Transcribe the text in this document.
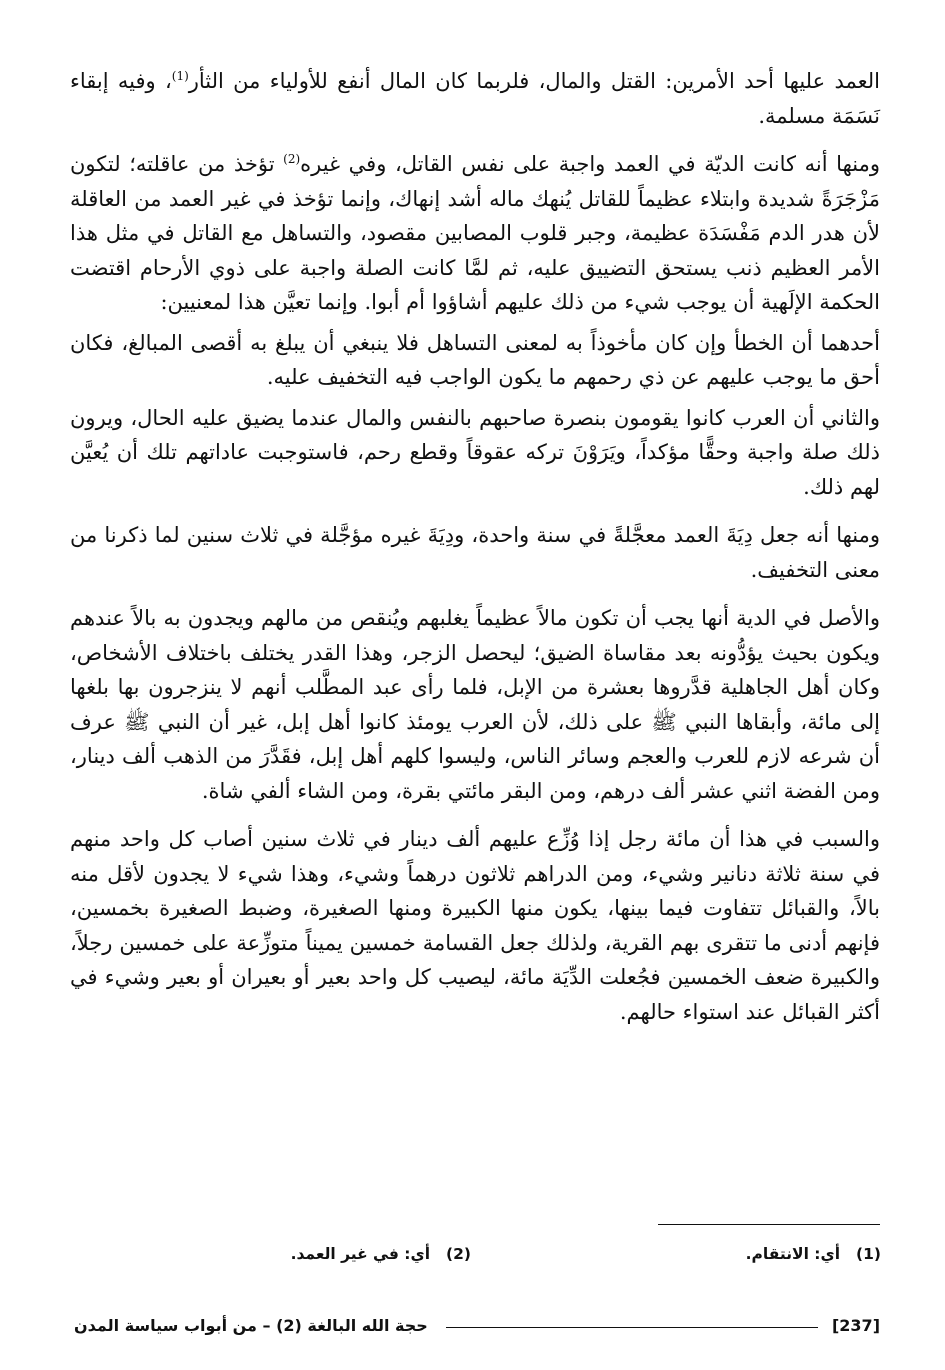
العمد عليها أحد الأمرين: القتل والمال، فلربما كان المال أنفع للأولياء من الثأر$^{(1)}$، وفيه إبقاء نَسَمَة مسلمة.

ومنها أنه كانت الديّة في العمد واجبة على نفس القاتل، وفي غيره$^{(2)}$ تؤخذ من عاقلته؛ لتكون مَزْجَرَةً شديدة وابتلاء عظيماً للقاتل يُنهك ماله أشد إنهاك، وإنما تؤخذ في غير العمد من العاقلة لأن هدر الدم مَفْسَدَة عظيمة، وجبر قلوب المصابين مقصود، والتساهل مع القاتل في مثل هذا الأمر العظيم ذنب يستحق التضييق عليه، ثم لمَّا كانت الصلة واجبة على ذوي الأرحام اقتضت الحكمة الإلَهية أن يوجب شيء من ذلك عليهم أشاؤوا أم أبوا. وإنما تعيَّن هذا لمعنيين:

أحدهما أن الخطأ وإن كان مأخوذاً به لمعنى التساهل فلا ينبغي أن يبلغ به أقصى المبالغ، فكان أحق ما يوجب عليهم عن ذي رحمهم ما يكون الواجب فيه التخفيف عليه.

والثاني أن العرب كانوا يقومون بنصرة صاحبهم بالنفس والمال عندما يضيق عليه الحال، ويرون ذلك صلة واجبة وحقًّا مؤكداً، ويَرَوْنَ تركه عقوقاً وقطع رحم، فاستوجبت عاداتهم تلك أن يُعيَّن لهم ذلك.

ومنها أنه جعل دِيَةَ العمد معجَّلةً في سنة واحدة، ودِيَةَ غيره مؤجَّلة في ثلاث سنين لما ذكرنا من معنى التخفيف.

والأصل في الدية أنها يجب أن تكون مالاً عظيماً يغلبهم ويُنقص من مالهم ويجدون به بالاً عندهم ويكون بحيث يؤدُّونه بعد مقاساة الضيق؛ ليحصل الزجر، وهذا القدر يختلف باختلاف الأشخاص، وكان أهل الجاهلية قدَّروها بعشرة من الإبل، فلما رأى عبد المطَّلب أنهم لا ينزجرون بها بلغها إلى مائة، وأبقاها النبي ﷺ على ذلك، لأن العرب يومئذ كانوا أهل إبل، غير أن النبي ﷺ عرف أن شرعه لازم للعرب والعجم وسائر الناس، وليسوا كلهم أهل إبل، فقَدَّرَ من الذهب ألف دينار، ومن الفضة اثني عشر ألف درهم، ومن البقر مائتي بقرة، ومن الشاء ألفي شاة.

والسبب في هذا أن مائة رجل إذا وُزِّع عليهم ألف دينار في ثلاث سنين أصاب كل واحد منهم في سنة ثلاثة دنانير وشيء، ومن الدراهم ثلاثون درهماً وشيء، وهذا شيء لا يجدون لأقل منه بالاً، والقبائل تتفاوت فيما بينها، يكون منها الكبيرة ومنها الصغيرة، وضبط الصغيرة بخمسين، فإنهم أدنى ما تتقرى بهم القرية، ولذلك جعل القسامة خمسين يميناً متوزِّعة على خمسين رجلاً، والكبيرة ضعف الخمسين فجُعلت الدِّيَة مائة، ليصيب كل واحد بعير أو بعيران أو بعير وشيء في أكثر القبائل عند استواء حالهم.

(1)أي: الانتقام.
(2)أي: في غير العمد.
[237]
حجة الله البالغة (2) – من أبواب سياسة المدن
